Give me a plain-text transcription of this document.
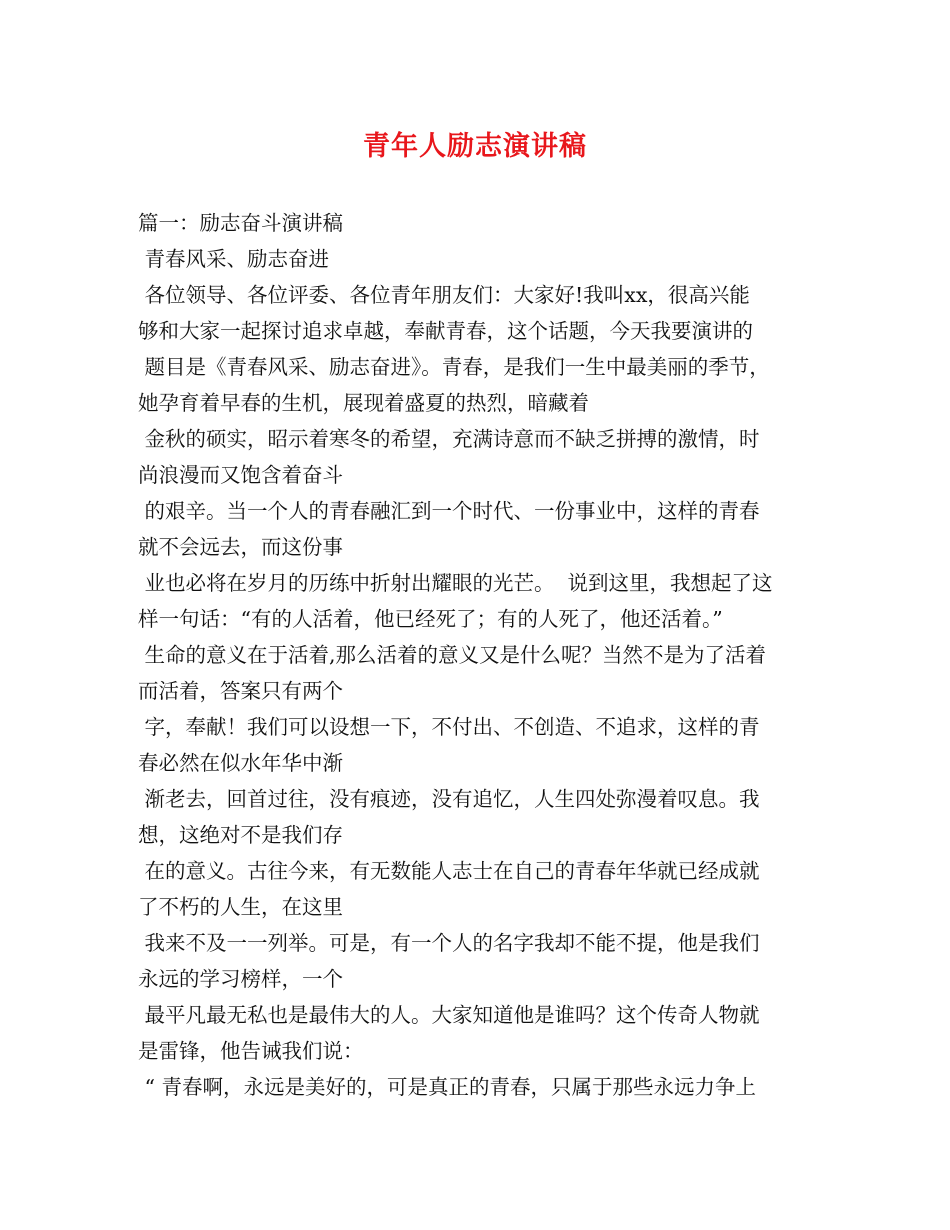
青年人励志演讲稿
篇一：励志奋斗演讲稿
青春风采、励志奋进
各位领导、各位评委、各位青年朋友们：大家好!我叫xx，很高兴能
够和大家一起探讨追求卓越，奉献青春，这个话题，今天我要演讲的
题目是《青春风采、励志奋进》。青春，是我们一生中最美丽的季节，
她孕育着早春的生机，展现着盛夏的热烈，暗藏着
金秋的硕实，昭示着寒冬的希望，充满诗意而不缺乏拼搏的激情，时
尚浪漫而又饱含着奋斗
的艰辛。当一个人的青春融汇到一个时代、一份事业中，这样的青春
就不会远去，而这份事
业也必将在岁月的历练中折射出耀眼的光芒。  说到这里，我想起了这
样一句话：“有的人活着，他已经死了；有的人死了，他还活着。”
生命的意义在于活着,那么活着的意义又是什么呢？当然不是为了活着
而活着，答案只有两个
字，奉献！我们可以设想一下，不付出、不创造、不追求，这样的青
春必然在似水年华中渐
渐老去，回首过往，没有痕迹，没有追忆，人生四处弥漫着叹息。我
想，这绝对不是我们存
在的意义。古往今来，有无数能人志士在自己的青春年华就已经成就
了不朽的人生，在这里
我来不及一一列举。可是，有一个人的名字我却不能不提，他是我们
永远的学习榜样，一个
最平凡最无私也是最伟大的人。大家知道他是谁吗？这个传奇人物就
是雷锋，他告诫我们说：
“ 青春啊，永远是美好的，可是真正的青春，只属于那些永远力争上
